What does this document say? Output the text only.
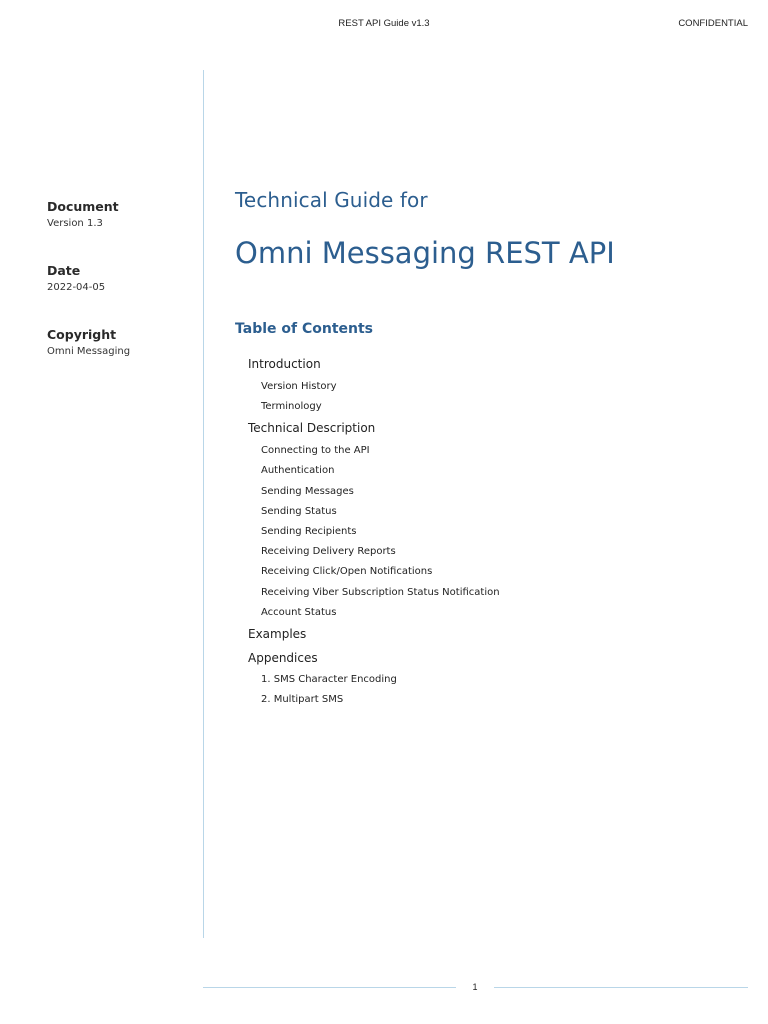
REST API Guide v1.3	CONFIDENTIAL
Document
Version 1.3
Date
2022-04-05
Copyright
Omni Messaging
Technical Guide for
Omni Messaging REST API
Table of Contents
Introduction
Version History
Terminology
Technical Description
Connecting to the API
Authentication
Sending Messages
Sending Status
Sending Recipients
Receiving Delivery Reports
Receiving Click/Open Notifications
Receiving Viber Subscription Status Notification
Account Status
Examples
Appendices
1. SMS Character Encoding
2. Multipart SMS
1
